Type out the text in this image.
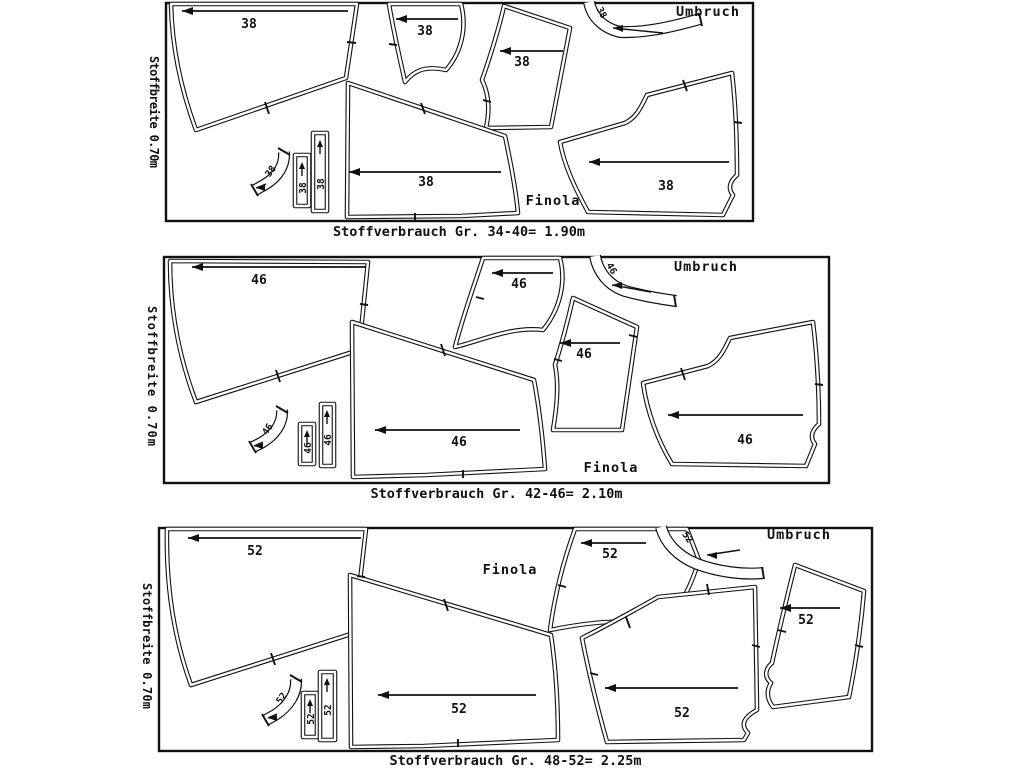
Stoffbreite 0.70m
38	38
38
38
38
38
38
38 38
Finola
Umbruch
Stoffverbrauch Gr. 34-40= 1.90m
Stoffbreite 0.70m
46	46
46
46
46
46
46
46
46
Finola
Umbruch
Stoffverbrauch Gr. 42-46= 2.10m
Stoffbreite 0.70m
52
52
52
52
52
52
52
52
52
Finola
Umbruch
Stoffverbrauch Gr. 48-52= 2.25m
